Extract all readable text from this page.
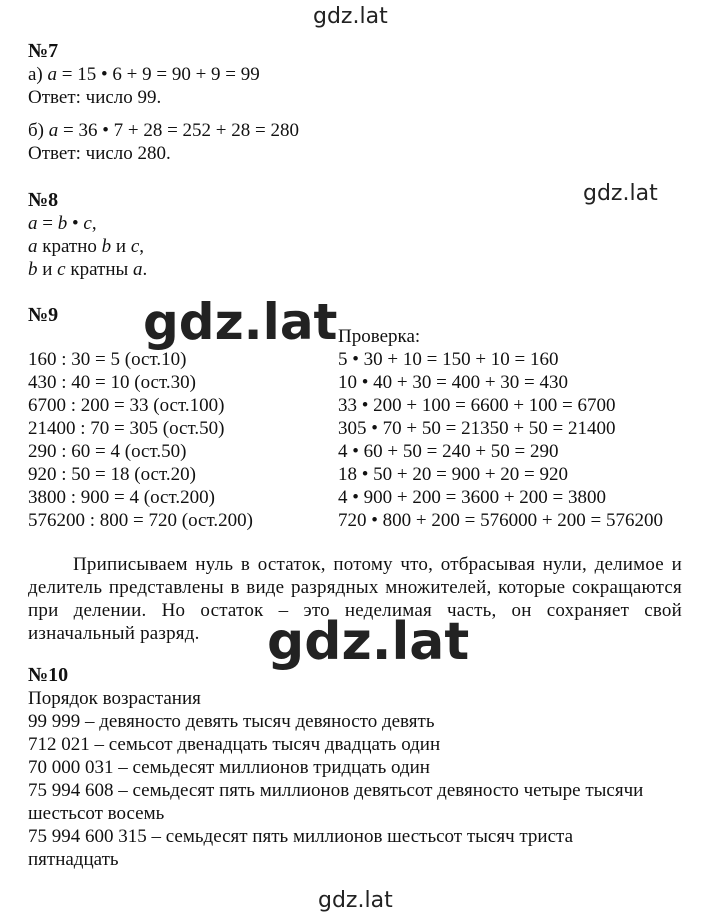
gdz.lat
gdz.lat
gdz.lat
gdz.lat
gdz.lat
№7
а) a = 15 • 6 + 9 = 90 + 9 = 99
Ответ: число 99.
б) a = 36 • 7 + 28 = 252 + 28 = 280
Ответ: число 280.
№8
a = b • c,
a кратно b и c,
b и c кратны a.
№9
160 : 30 = 5 (ост.10)
430 : 40 = 10 (ост.30)
6700 : 200 = 33 (ост.100)
21400 : 70 = 305 (ост.50)
290 : 60 = 4 (ост.50)
920 : 50 = 18 (ост.20)
3800 : 900 = 4 (ост.200)
576200 : 800 = 720 (ост.200)
Проверка:
5 • 30 + 10 = 150 + 10 = 160
10 • 40 + 30 = 400 + 30 = 430
33 • 200 + 100 = 6600 + 100 = 6700
305 • 70 + 50 = 21350 + 50 = 21400
4 • 60 + 50 = 240 + 50 = 290
18 • 50 + 20 = 900 + 20 = 920
4 • 900 + 200 = 3600 + 200 = 3800
720 • 800 + 200 = 576000 + 200 = 576200
Приписываем нуль в остаток, потому что, отбрасывая нули, делимое и делитель представлены в виде разрядных множителей, которые сокращаются при делении. Но остаток – это неделимая часть, он сохраняет свой изначальный разряд.
№10
Порядок возрастания
99 999 – девяносто девять тысяч девяносто девять
712 021 – семьсот двенадцать тысяч двадцать один
70 000 031 – семьдесят миллионов тридцать один
75 994 608 – семьдесят пять миллионов девятьсот девяносто четыре тысячи
шестьсот восемь
75 994 600 315 – семьдесят пять миллионов шестьсот тысяч триста
пятнадцать
